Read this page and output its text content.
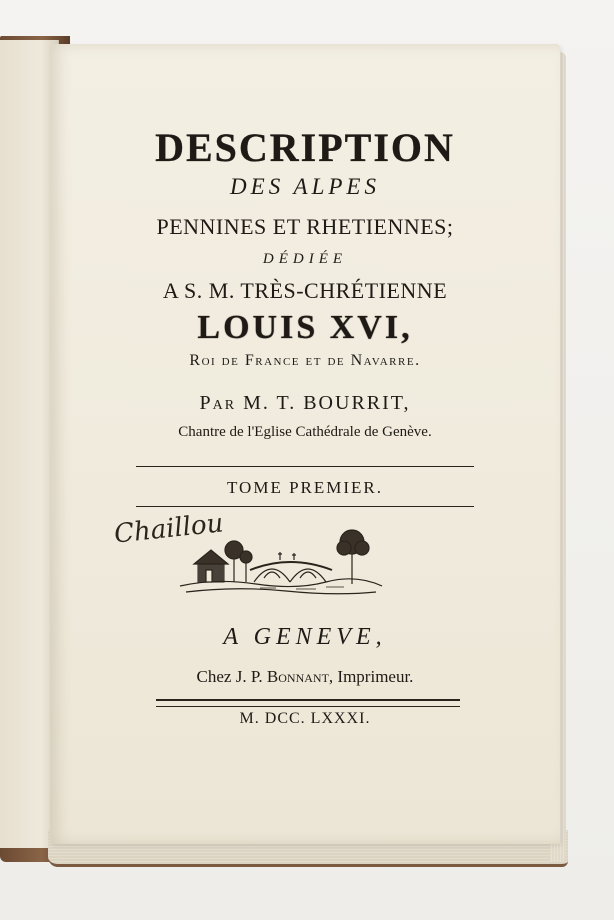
DESCRIPTION
DES ALPES
PENNINES ET RHETIENNES;
DÉDIÉE
A S. M. TRÈS-CHRÉTIENNE
LOUIS XVI,
Roi de France et de Navarre.
Par M. T. BOURRIT,
Chantre de l'Eglise Cathédrale de Genève.
TOME PREMIER.
Chaillou
A GENEVE,
Chez J. P. Bonnant, Imprimeur.
M. DCC. LXXXI.
